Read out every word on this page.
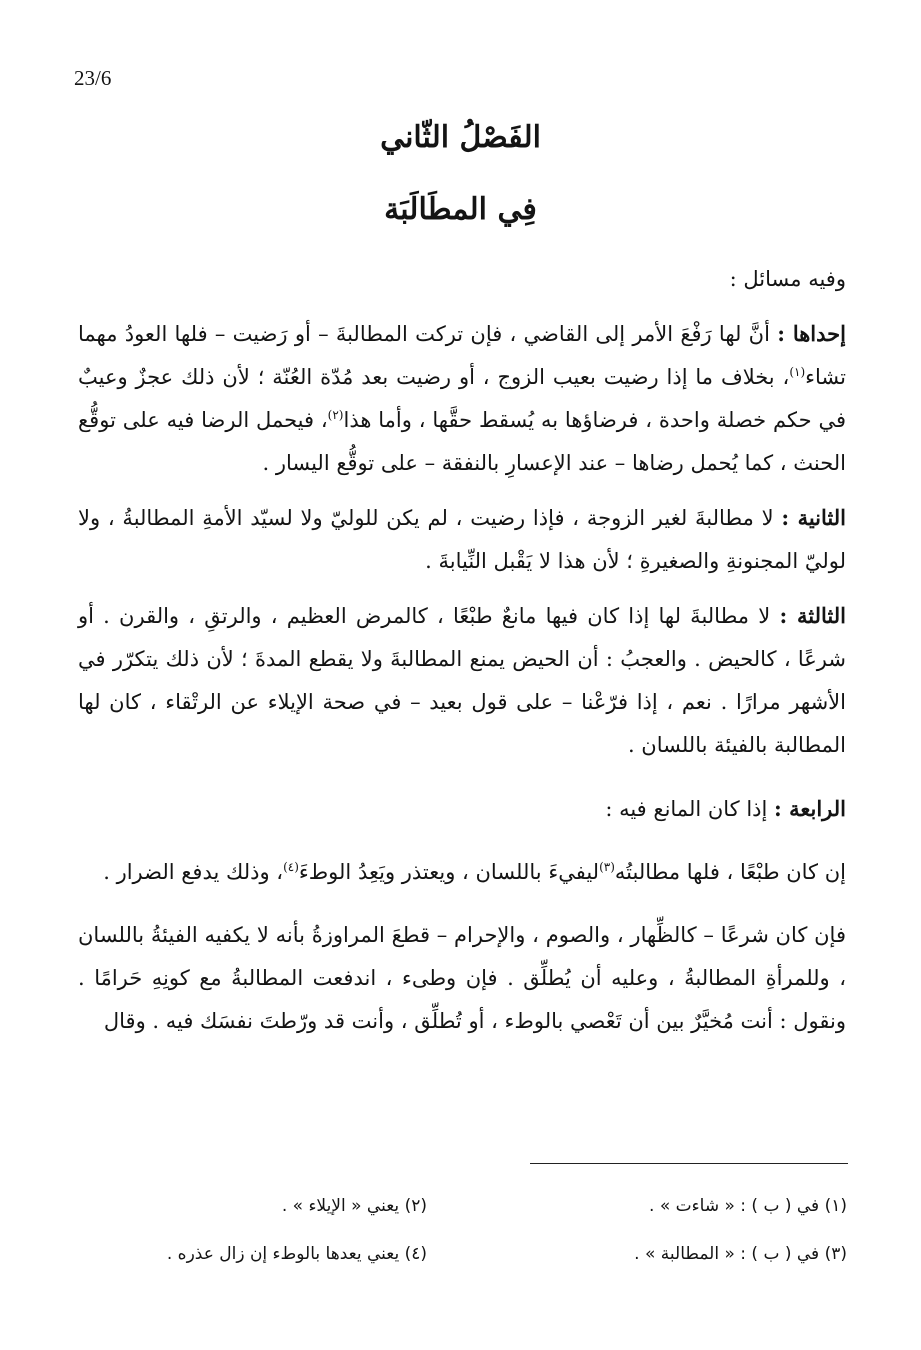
23/6
الفَصْلُ الثّاني
فِي المطَالَبَة

وفيه مسائل :

إحداها : أنَّ لها رَفْعَ الأمر إلى القاضي ، فإن تركت المطالبةَ – أو رَضيت – فلها العودُ مهما تشاء$^{(١)}$، بخلاف ما إذا رضيت بعيب الزوج ، أو رضيت بعد مُدّة العُنّة ؛ لأن ذلك عجزٌ وعيبٌ في حكم خصلة واحدة ، فرضاؤها به يُسقط حقَّها ، وأما هذا$^{(٢)}$، فيحمل الرضا فيه على توقُّع الحنث ، كما يُحمل رضاها – عند الإعسارِ بالنفقة – على توقُّع اليسار .

الثانية : لا مطالبةَ لغير الزوجة ، فإذا رضيت ، لم يكن للوليّ ولا لسيّد الأمةِ المطالبةُ ، ولا لوليّ المجنونةِ والصغيرةِ ؛ لأن هذا لا يَقْبل النِّيابةَ .

الثالثة : لا مطالبةَ لها إذا كان فيها مانعٌ طبْعًا ، كالمرض العظيم ، والرتقِ ، والقرن . أو شرعًا ، كالحيض . والعجبُ : أن الحيض يمنع المطالبةَ ولا يقطع المدةَ ؛ لأن ذلك يتكرّر في الأشهر مرارًا . نعم ، إذا فرّعْنا – على قول بعيد – في صحة الإيلاء عن الرتْقاء ، كان لها المطالبة بالفيئة باللسان .

الرابعة : إذا كان المانع فيه :

إن كان طبْعًا ، فلها مطالبتُه$^{(٣)}$ليفيءَ باللسان ، ويعتذر ويَعِدُ الوطءَ$^{(٤)}$، وذلك يدفع الضرار .

فإن كان شرعًا – كالظِّهار ، والصوم ، والإحرام – قطعَ المراوزةُ بأنه لا يكفيه الفيئةُ باللسان ، وللمرأةِ المطالبةُ ، وعليه أن يُطلِّق . فإن وطىء ، اندفعت المطالبةُ مع كونِهِ حَرامًا . ونقول : أنت مُخيَّرٌ بين أن تَعْصي بالوطء ، أو تُطلِّق ، وأنت قد ورّطتَ نفسَك فيه . وقال

(١) في ( ب ) : « شاءت » .
(٢) يعني « الإيلاء » .
(٣) في ( ب ) : « المطالبة » .
(٤) يعني يعدها بالوطء إن زال عذره .
